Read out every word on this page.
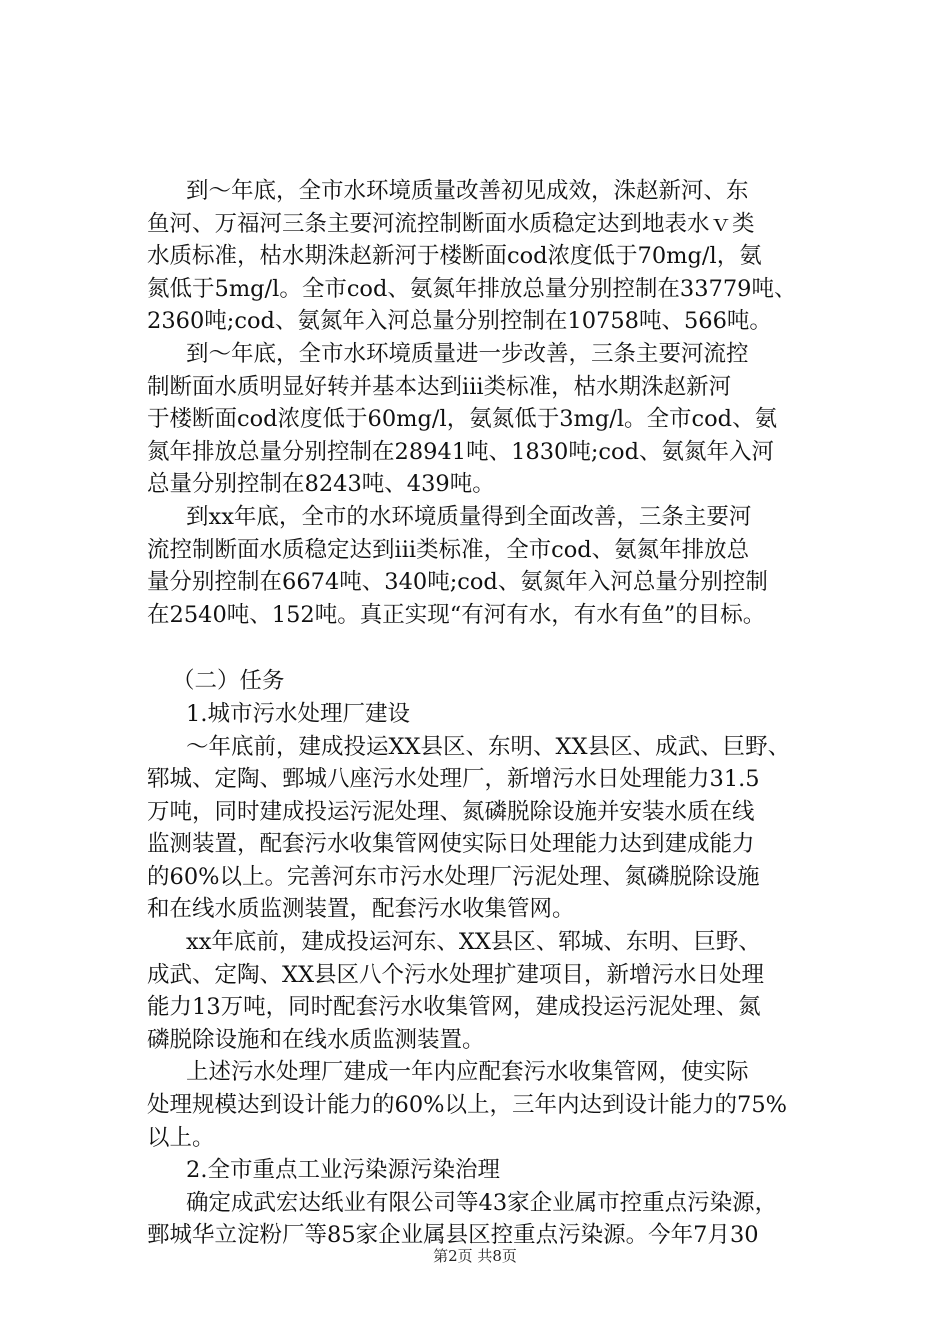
到～年底，全市水环境质量改善初见成效，洙赵新河、东
鱼河、万福河三条主要河流控制断面水质稳定达到地表水ｖ类
水质标准，枯水期洙赵新河于楼断面cod浓度低于70mg/l，氨
氮低于5mg/l。全市cod、氨氮年排放总量分别控制在33779吨、
2360吨;cod、氨氮年入河总量分别控制在10758吨、566吨。
到～年底，全市水环境质量进一步改善，三条主要河流控
制断面水质明显好转并基本达到iii类标准，枯水期洙赵新河
于楼断面cod浓度低于60mg/l，氨氮低于3mg/l。全市cod、氨
氮年排放总量分别控制在28941吨、1830吨;cod、氨氮年入河
总量分别控制在8243吨、439吨。
到xx年底，全市的水环境质量得到全面改善，三条主要河
流控制断面水质稳定达到iii类标准，全市cod、氨氮年排放总
量分别控制在6674吨、340吨;cod、氨氮年入河总量分别控制
在2540吨、152吨。真正实现“有河有水，有水有鱼”的目标。
（二）任务
1.城市污水处理厂建设
～年底前，建成投运XX县区、东明、XX县区、成武、巨野、
郓城、定陶、鄄城八座污水处理厂，新增污水日处理能力31.5
万吨，同时建成投运污泥处理、氮磷脱除设施并安装水质在线
监测装置，配套污水收集管网使实际日处理能力达到建成能力
的60%以上。完善河东市污水处理厂污泥处理、氮磷脱除设施
和在线水质监测装置，配套污水收集管网。
xx年底前，建成投运河东、XX县区、郓城、东明、巨野、
成武、定陶、XX县区八个污水处理扩建项目，新增污水日处理
能力13万吨，同时配套污水收集管网，建成投运污泥处理、氮
磷脱除设施和在线水质监测装置。
上述污水处理厂建成一年内应配套污水收集管网，使实际
处理规模达到设计能力的60%以上，三年内达到设计能力的75%
以上。
2.全市重点工业污染源污染治理
确定成武宏达纸业有限公司等43家企业属市控重点污染源，
鄄城华立淀粉厂等85家企业属县区控重点污染源。今年7月30
第2页 共8页
